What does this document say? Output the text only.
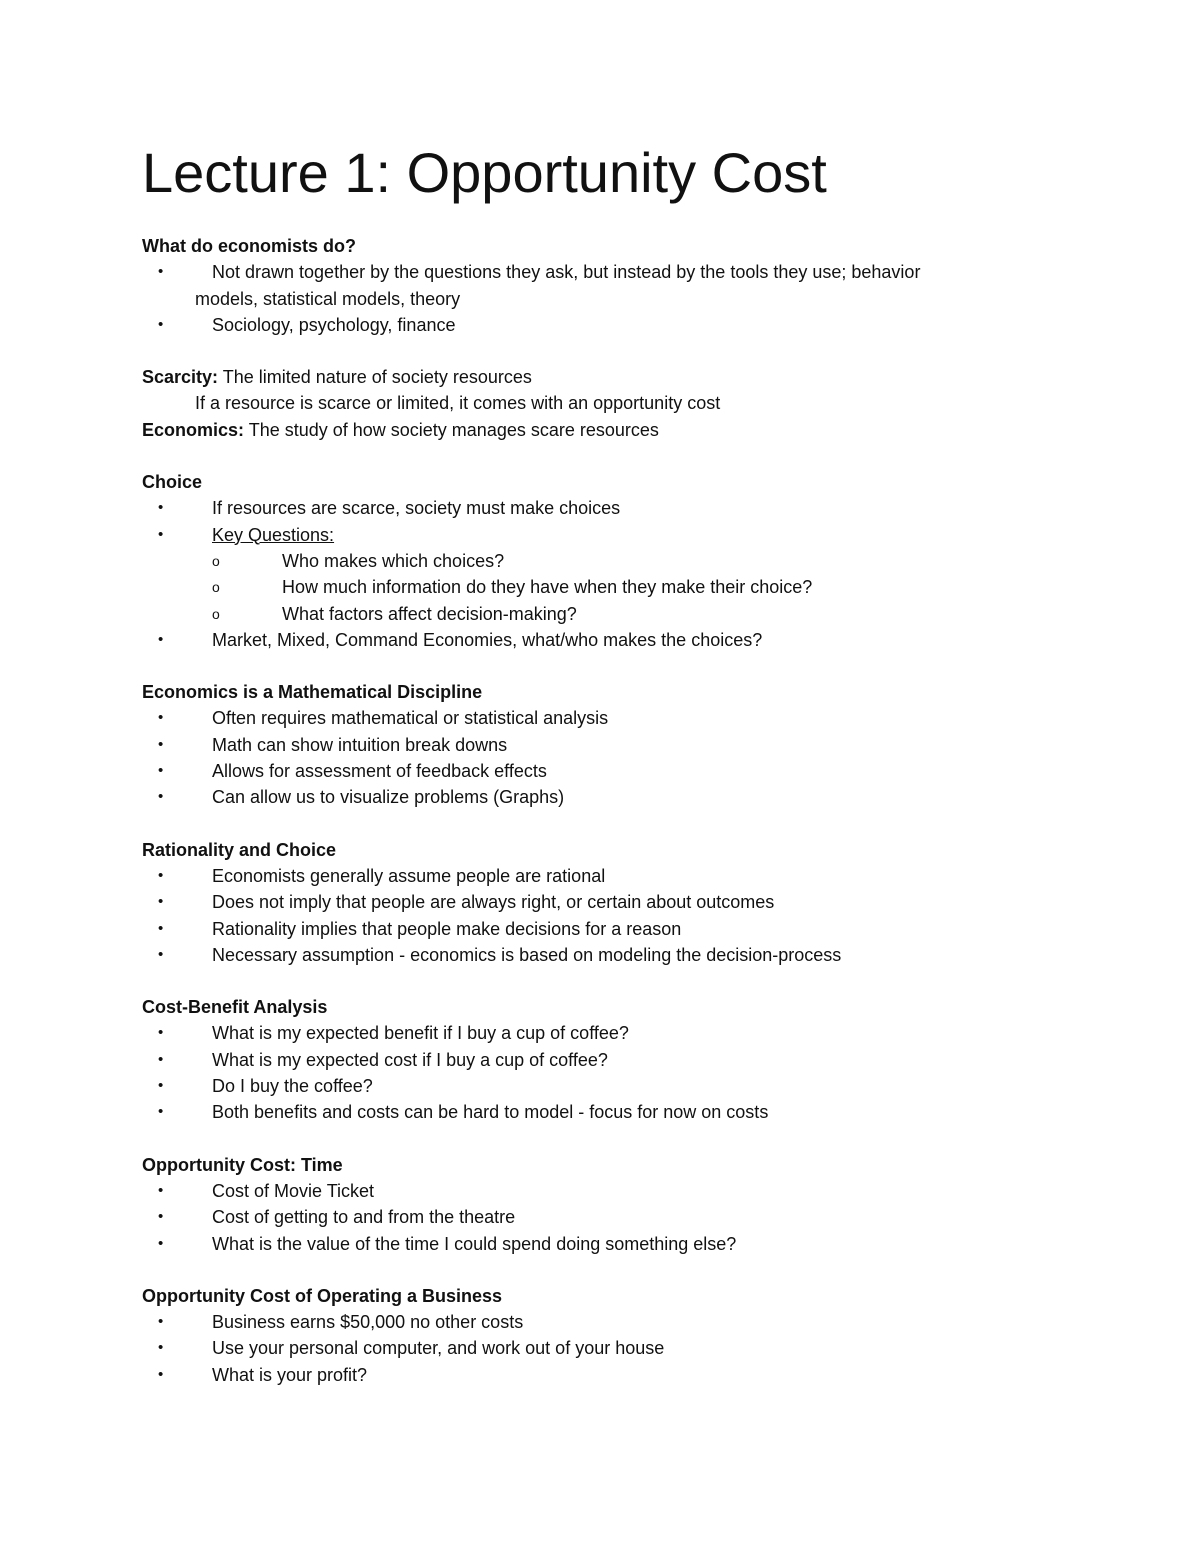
Lecture 1: Opportunity Cost
What do economists do?
•	Not drawn together by the questions they ask, but instead by the tools they use; behavior
models, statistical models, theory
•	Sociology, psychology, finance
Scarcity: The limited nature of society resources
If a resource is scarce or limited, it comes with an opportunity cost
Economics: The study of how society manages scare resources
Choice
•	If resources are scarce, society must make choices
•	Key Questions:
o	Who makes which choices?
o	How much information do they have when they make their choice?
o	What factors affect decision-making?
•	Market, Mixed, Command Economies, what/who makes the choices?
Economics is a Mathematical Discipline
•	Often requires mathematical or statistical analysis
•	Math can show intuition break downs
•	Allows for assessment of feedback effects
•	Can allow us to visualize problems (Graphs)
Rationality and Choice
•	Economists generally assume people are rational
•	Does not imply that people are always right, or certain about outcomes
•	Rationality implies that people make decisions for a reason
•	Necessary assumption - economics is based on modeling the decision-process
Cost-Benefit Analysis
•	What is my expected benefit if I buy a cup of coffee?
•	What is my expected cost if I buy a cup of coffee?
•	Do I buy the coffee?
•	Both benefits and costs can be hard to model - focus for now on costs
Opportunity Cost: Time
•	Cost of Movie Ticket
•	Cost of getting to and from the theatre
•	What is the value of the time I could spend doing something else?
Opportunity Cost of Operating a Business
•	Business earns $50,000 no other costs
•	Use your personal computer, and work out of your house
•	What is your profit?
